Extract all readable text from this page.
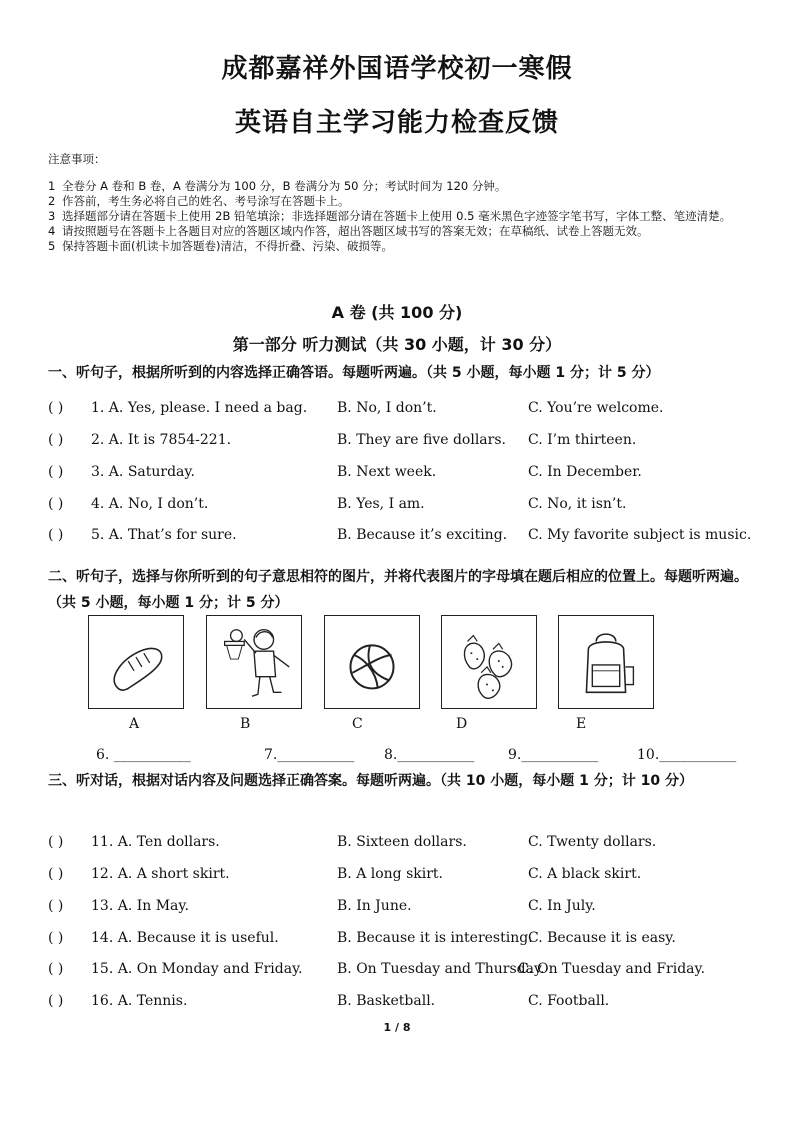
成都嘉祥外国语学校初一寒假
英语自主学习能力检查反馈
注意事项：
1 全卷分 A 卷和 B 卷，A 卷满分为 100 分，B 卷满分为 50 分；考试时间为 120 分钟。
2 作答前，考生务必将自己的姓名、考号涂写在答题卡上。
3 选择题部分请在答题卡上使用 2B 铅笔填涂；非选择题部分请在答题卡上使用 0.5 毫米黑色字迹签字笔书写，字体工整、笔迹清楚。
4 请按照题号在答题卡上各题目对应的答题区域内作答，超出答题区域书写的答案无效；在草稿纸、试卷上答题无效。
5 保持答题卡面(机读卡加答题卷)清洁，不得折叠、污染、破损等。
A 卷 (共 100 分)
第一部分 听力测试（共 30 小题，计 30 分）
一、听句子，根据所听到的内容选择正确答语。每题听两遍。（共 5 小题，每小题 1 分；计 5 分）
( ) 1. A. Yes, please. I need a bag. B. No, I don’t.	C. You’re welcome.
( ) 2. A. It is 7854-221.	B. They are five dollars. C. I’m thirteen.
( ) 3. A. Saturday.	B. Next week.	C. In December.
( ) 4. A. No, I don’t.	B. Yes, I am.	C. No, it isn’t.
( ) 5. A. That’s for sure.	B. Because it’s exciting. C. My favorite subject is music.
二、听句子，选择与你所听到的句子意思相符的图片，并将代表图片的字母填在题后相应的位置上。每题听两遍。（共 5 小题，每小题 1 分；计 5 分）
A	B	C	D	E
6. ___________	7.___________ 8.___________ 9.___________	10.___________
三、听对话，根据对话内容及问题选择正确答案。每题听两遍。（共 10 小题，每小题 1 分；计 10 分）
( ) 11. A. Ten dollars.	B. Sixteen dollars.	C. Twenty dollars.
( ) 12. A. A short skirt.	B. A long skirt.	C. A black skirt.
( ) 13. A. In May.	B. In June.	C. In July.
( ) 14. A. Because it is useful.	B. Because it is interesting.
C. Because it is easy.
( ) 15. A. On Monday and Friday. B. On Tuesday and Thursday.
C. On Tuesday and Friday.
( ) 16. A. Tennis.	B. Basketball.	C. Football.
1 / 8
